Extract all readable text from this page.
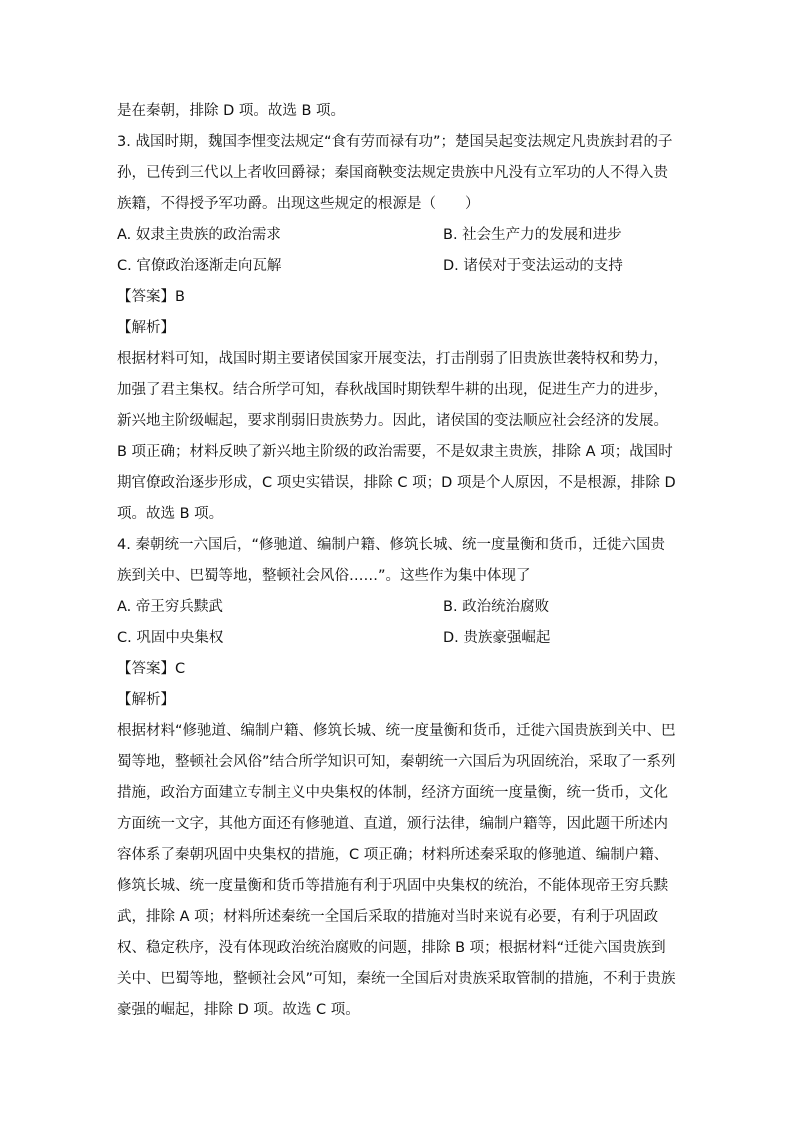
是在秦朝，排除 D 项。故选 B 项。

3. 战国时期，魏国李悝变法规定“食有劳而禄有功”；楚国吴起变法规定凡贵族封君的子孙，已传到三代以上者收回爵禄；秦国商鞅变法规定贵族中凡没有立军功的人不得入贵族籍，不得授予军功爵。出现这些规定的根源是（　　）

A. 奴隶主贵族的政治需求	B. 社会生产力的发展和进步
C. 官僚政治逐渐走向瓦解	D. 诸侯对于变法运动的支持

【答案】B

【解析】

根据材料可知，战国时期主要诸侯国家开展变法，打击削弱了旧贵族世袭特权和势力，加强了君主集权。结合所学可知，春秋战国时期铁犁牛耕的出现，促进生产力的进步，新兴地主阶级崛起，要求削弱旧贵族势力。因此，诸侯国的变法顺应社会经济的发展。B 项正确；材料反映了新兴地主阶级的政治需要，不是奴隶主贵族，排除 A 项；战国时期官僚政治逐步形成，C 项史实错误，排除 C 项；D 项是个人原因，不是根源，排除 D 项。故选 B 项。

4. 秦朝统一六国后，“修驰道、编制户籍、修筑长城、统一度量衡和货币，迁徙六国贵族到关中、巴蜀等地，整顿社会风俗……”。这些作为集中体现了

A. 帝王穷兵黩武	B. 政治统治腐败
C. 巩固中央集权	D. 贵族豪强崛起

【答案】C

【解析】

根据材料“修驰道、编制户籍、修筑长城、统一度量衡和货币，迁徙六国贵族到关中、巴蜀等地，整顿社会风俗”结合所学知识可知，秦朝统一六国后为巩固统治，采取了一系列措施，政治方面建立专制主义中央集权的体制，经济方面统一度量衡，统一货币，文化方面统一文字，其他方面还有修驰道、直道，颁行法律，编制户籍等，因此题干所述内容体系了秦朝巩固中央集权的措施，C 项正确；材料所述秦采取的修驰道、编制户籍、修筑长城、统一度量衡和货币等措施有利于巩固中央集权的统治，不能体现帝王穷兵黩武，排除 A 项；材料所述秦统一全国后采取的措施对当时来说有必要，有利于巩固政权、稳定秩序，没有体现政治统治腐败的问题，排除 B 项；根据材料“迁徙六国贵族到关中、巴蜀等地，整顿社会风”可知，秦统一全国后对贵族采取管制的措施，不利于贵族豪强的崛起，排除 D 项。故选 C 项。
